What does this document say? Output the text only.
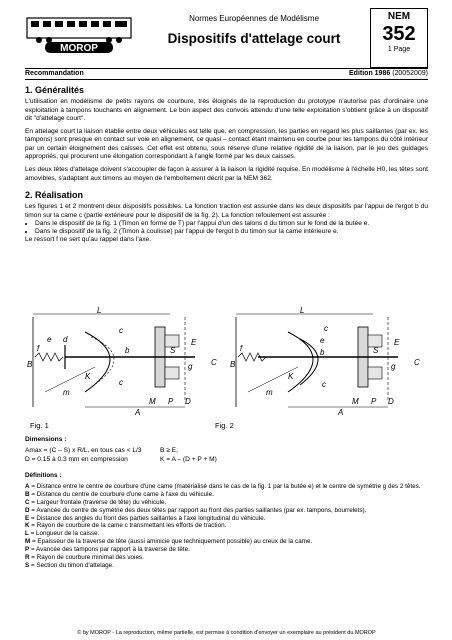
MOROP
Normes Européennes de Modélisme
Dispositifs d'attelage court
NEM
352
1 Page
Recommandation	Edition 1986 (20052009)
1. Généralités

L'utilisation en modélisme de petits rayons de courbure, très éloignés de la reproduction du prototype n'autorise pas d'ordinaire une exploitation à tampons touchants en alignement. Le bon aspect des convois attendu d'une telle exploitation s'obtient grâce à un dispositif dit "d'attelage court".

En attelage court la liaison établie entre deux véhicules est telle que, en compression, les parties en regard les plus saillantes (par ex. les tampons) sont presque en contact sur voie en alignement, ce quasi – contact étant maintenu en courbe pour les tampons du côté intérieur par un certain éloignement des caisses. Cet effet est obtenu, sous réserve d'une relative rigidité de la liaison, par le jeu des guidages appropriés, qui procurent une élongation correspondant à l'angle formé par les deux caisses.

Les deux têtes d'attelage doivent s'accoupler de façon à assurer à la liaison la rigidité requise. En modélisme à l'échelle H0, les têtes sont amovibles, s'adaptant aux timons au moyen de l'emboîtement décrit par la NEM 362.

2. Réalisation

Les figures 1 et 2 montrent deux dispositifs possibles. La fonction traction est assurée dans les deux dispositifs par l'appui de l'ergot b du timon sur la came c (partie extérieure pour le dispositif de la fig. 2). La fonction refoulement est assurée :

• Dans le dispositif de la fig. 1 (Timon en forme de T) par l'appui d'un des talons d du timon sur le fond de la butée e.
• Dans le dispositif de la fig. 2 (Timon à coulisse) par l'appui de l'ergot b du timon sur la came intérieure e.

Le ressort f ne sert qu'au rappel dans l'axe.

L
e d
c
b
f
B
K
m
c
S
E
C
g
A
M P D
L
c
e
b
f
B
K
m
c
S
E
C
g
A
M P D
Fig. 1	Fig. 2
Dimensions :
Amax = (C – S) x R/L, en tous cas < L/3	B ≥ E,
D = 0.15 à 0.3 mm en compression	K = A – (D + P + M)
Définitions :
A = Distance entre le centre de courbure d'une came (matérialisé dans le cas de la fig. 1 par la butée e) et le centre de symétrie g des 2 têtes.
B = Distance du centre de courbure d'une came à l'axe du véhicule.
C = Largeur frontale (traverse de tête) du véhicule.
D = Avancée du centre de symétrie des deux têtes par rapport au front des parties saillantes (par ex. tampons, bourrelets).
E = Distance des angles du front des parties saillantes à l'axe longitudinal du véhicule.
K = Rayon de courbure de la came c transmettant les efforts de traction.
L = Longueur de la caisse.
M = Epaisseur de la traverse de tête (aussi aminicie que techniquement possible) au creux de la came.
P = Avancée des tampons par rapport à la traverse de tête.
R = Rayon de courbure minimal des voies.
S = Section du timon d'attelage.
© by MOROP - La reproduction, même partielle, est permise à condition d'envoyer un exemplaire au président du MOROP
